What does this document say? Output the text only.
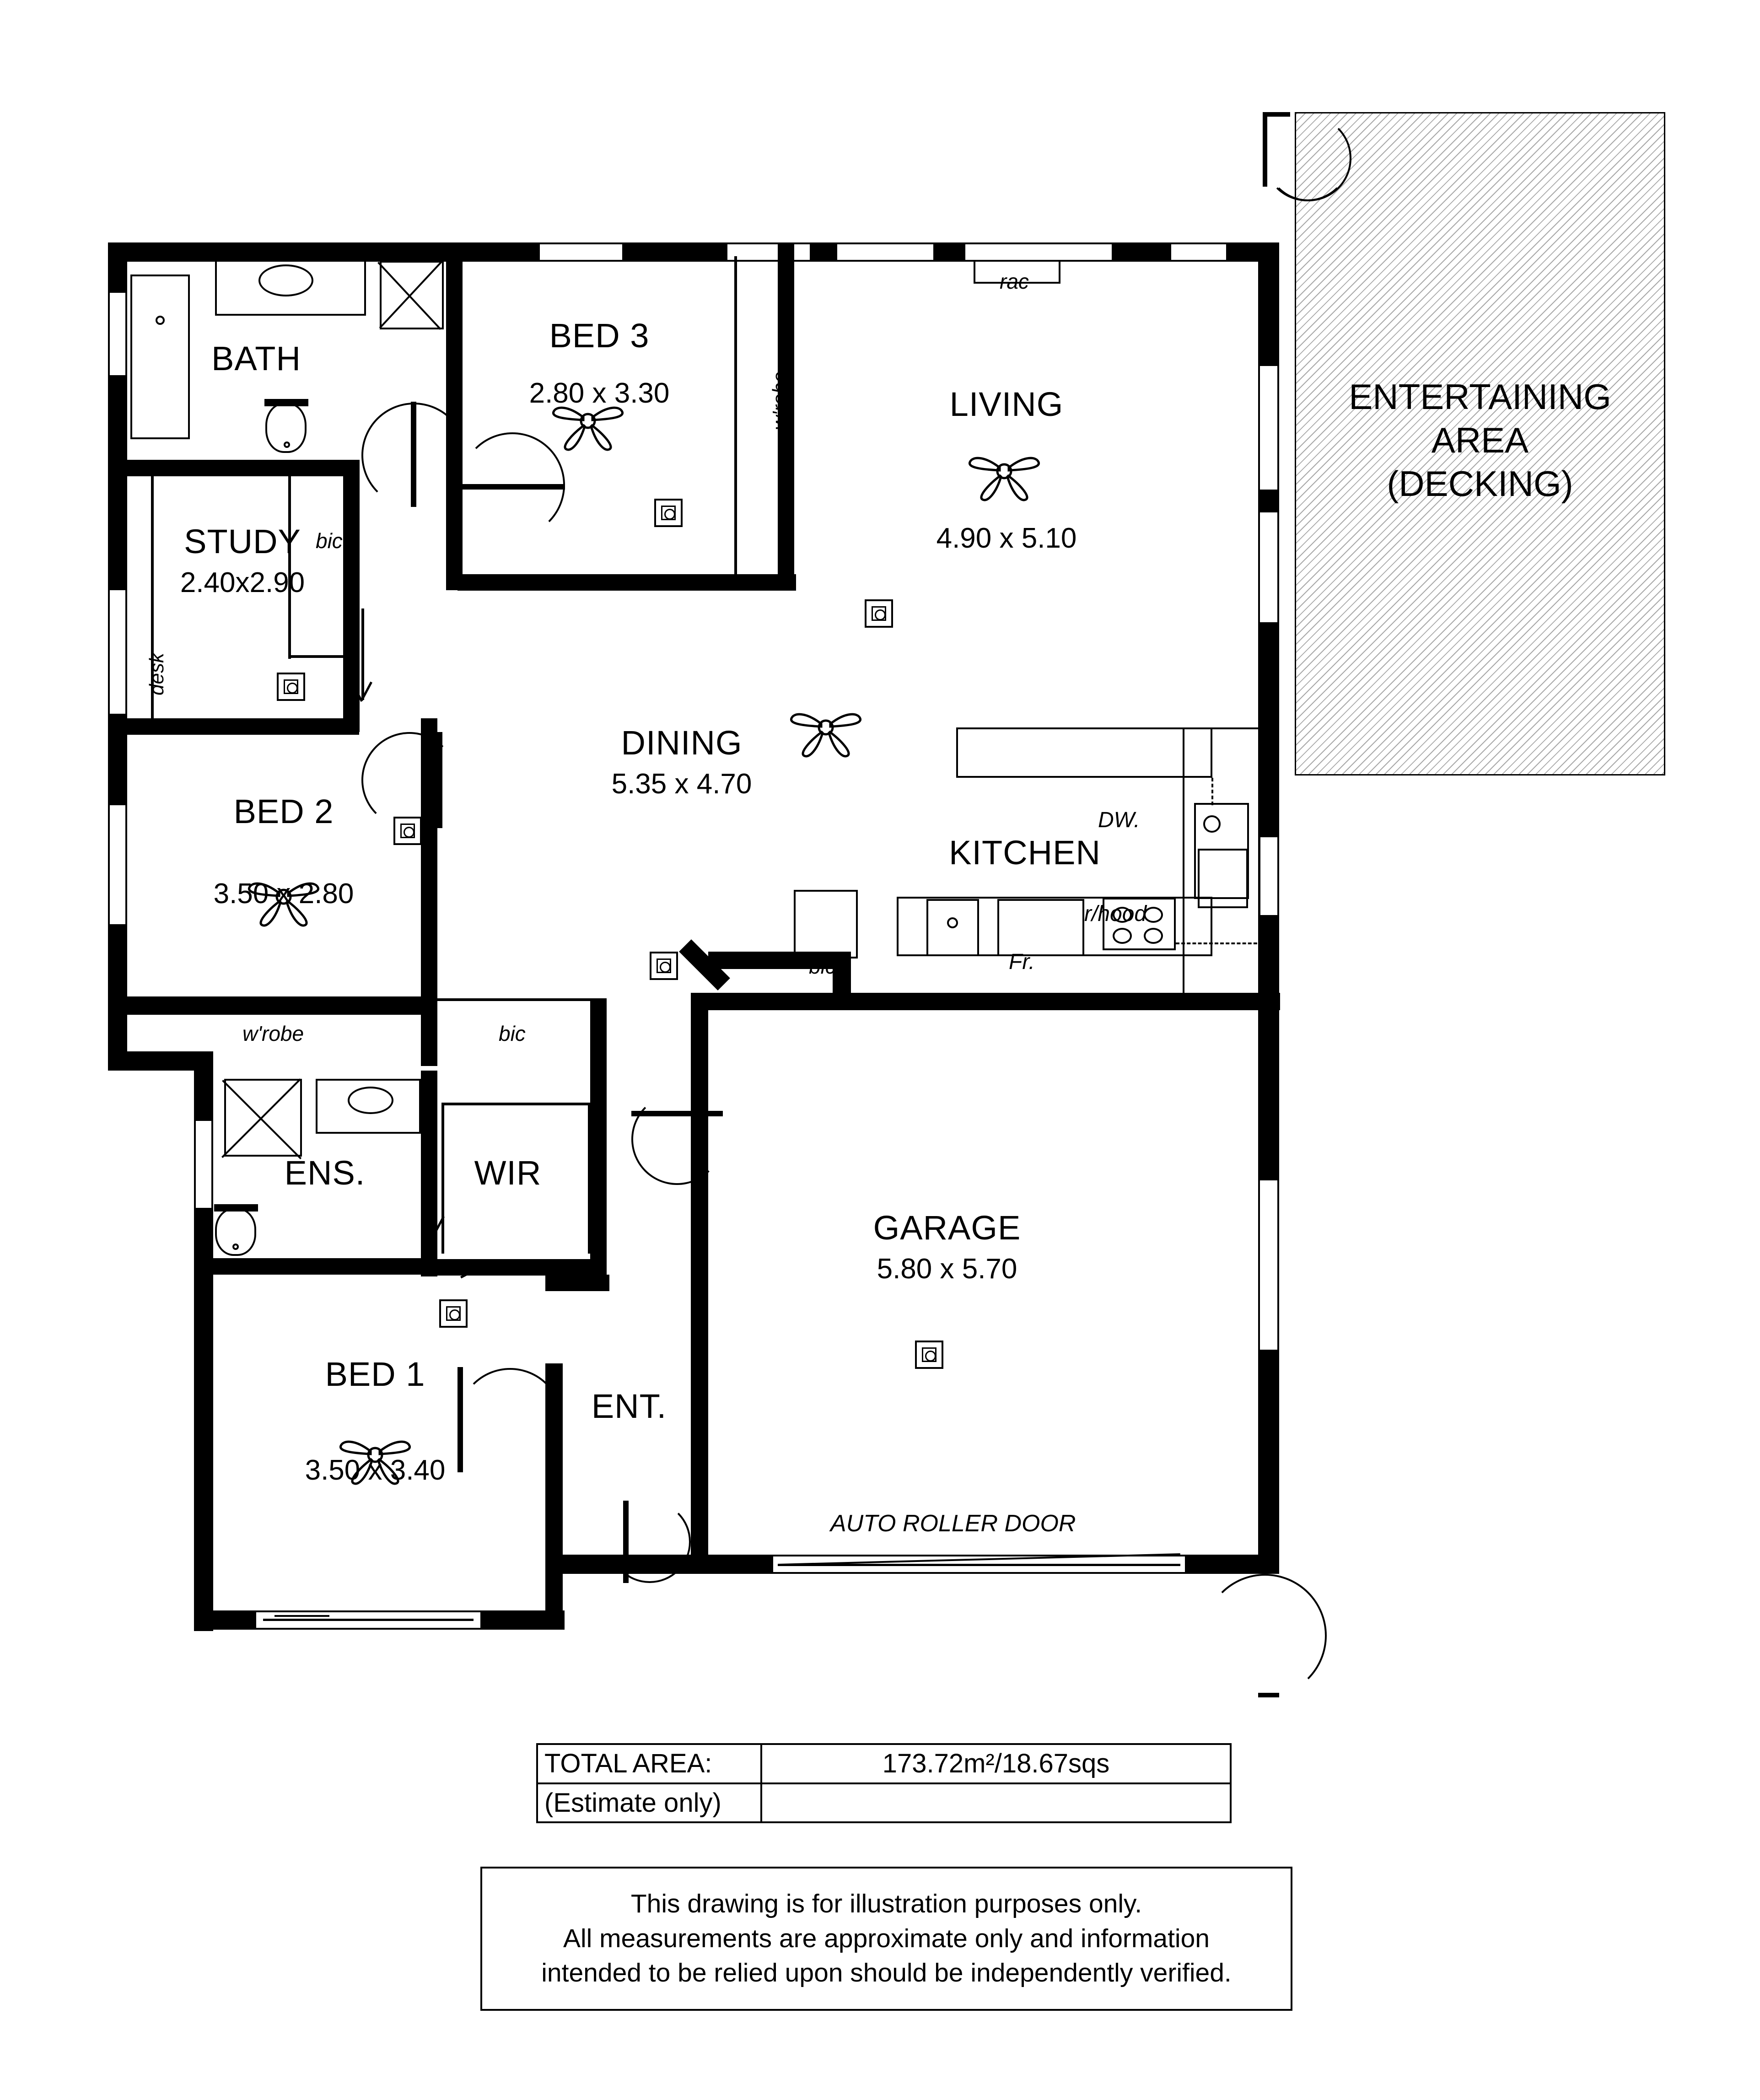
ENTERTAINING
AREA
(DECKING)
AUTO ROLLER DOOR
rac
BATH
BED 3
2.80 x 3.30	LIVING
4.90 x 5.10
STUDY
2.40x2.90
DINING
5.35 x 4.70
BED 2
3.50 x 2.80
KITCHEN
ENS.	WIR
GARAGE
5.80 x 5.70
BED 1
3.50 x 3.40
ENT.
w'robe
bic
desk
w'robe	bic
bic
DW.
r/hood
Fr.
TOTAL AREA:	173.72m²/18.67sqs
(Estimate only)
This drawing is for illustration purposes only.
All measurements are approximate only and information
intended to be relied upon should be independently verified.
